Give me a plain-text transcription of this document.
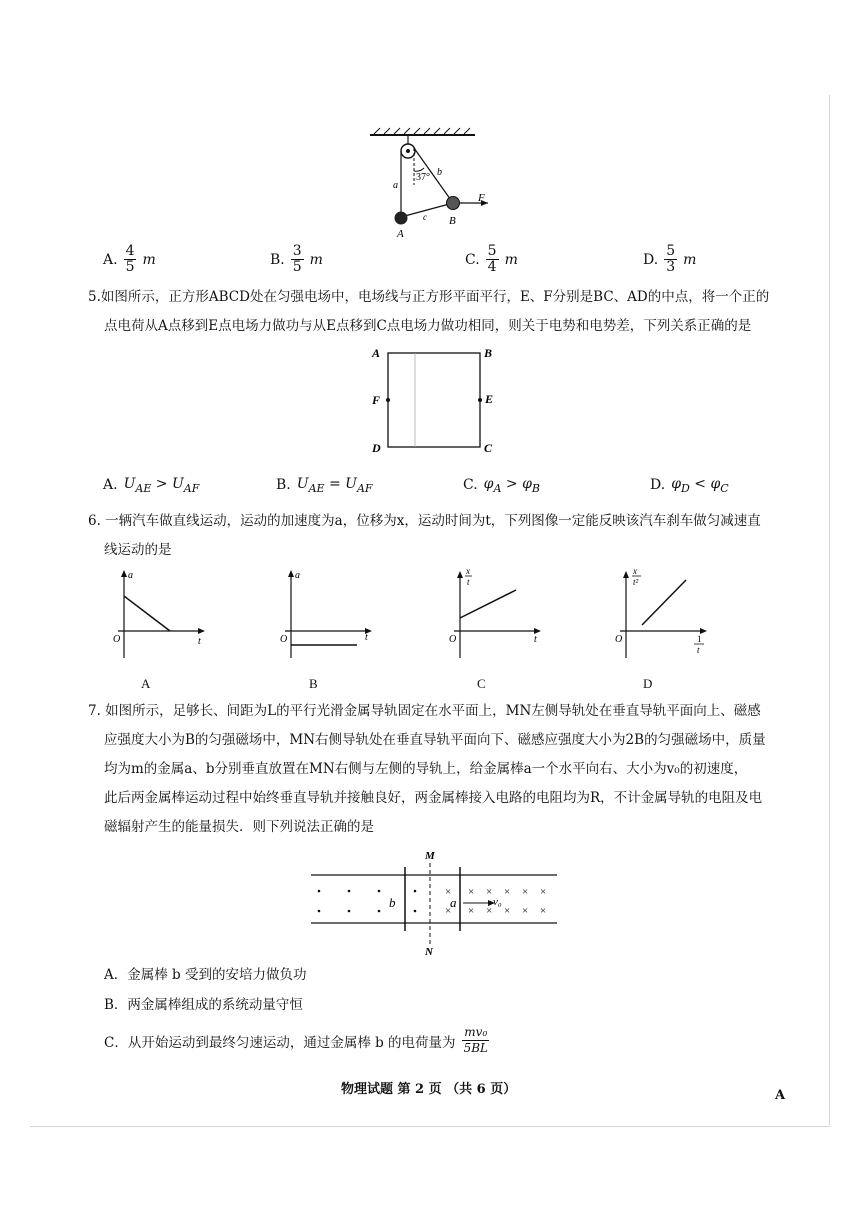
a
b
c
37°
A
B
F
A. $\frac{4}{5}$ m	B. $\frac{3}{5}$ m	C. $\frac{5}{4}$ m	D. $\frac{5}{3}$ m
5.如图所示，正方形ABCD处在匀强电场中，电场线与正方形平面平行，E、F分别是BC、AD的中点，将一个正的
点电荷从A点移到E点电场力做功与从E点移到C点电场力做功相同，则关于电势和电势差，下列关系正确的是
A	B
C
D
E
F
A. $U_{AE} > U_{AF}$	B. $U_{AE} = U_{AF}$	C. $\varphi_A > \varphi_B$	D. $\varphi_D < \varphi_C$
6. 一辆汽车做直线运动，运动的加速度为a，位移为x，运动时间为t，下列图像一定能反映该汽车刹车做匀减速直
线运动的是
a
t
O
A
a
t
O
B
x
t
t
O
C
x
t²
1
t
O
D
7. 如图所示，足够长、间距为L的平行光滑金属导轨固定在水平面上，MN左侧导轨处在垂直导轨平面向上、磁感
应强度大小为B的匀强磁场中，MN右侧导轨处在垂直导轨平面向下、磁感应强度大小为2B的匀强磁场中，质量
均为m的金属a、b分别垂直放置在MN右侧与左侧的导轨上，给金属棒a一个水平向右、大小为v₀的初速度，
此后两金属棒运动过程中始终垂直导轨并接触良好，两金属棒接入电路的电阻均为R，不计金属导轨的电阻及电
磁辐射产生的能量损失．则下列说法正确的是
× × × × × ×
× × × × × ×
M
N
b	a	v₀
A．金属棒 b 受到的安培力做负功
B．两金属棒组成的系统动量守恒
C．从开始运动到最终匀速运动，通过金属棒 b 的电荷量为 $\frac{\text{mv₀}}{5BL}$
物理试题 第 2 页 （共 6 页）	A
